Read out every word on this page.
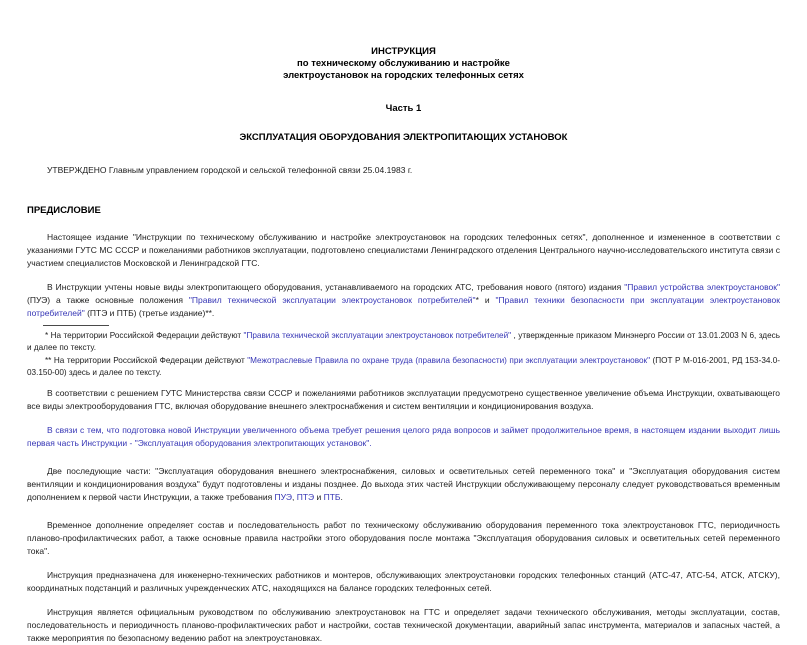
ИНСТРУКЦИЯ
по техническому обслуживанию и настройке
электроустановок на городских телефонных сетях
Часть 1
ЭКСПЛУАТАЦИЯ ОБОРУДОВАНИЯ ЭЛЕКТРОПИТАЮЩИХ УСТАНОВОК
УТВЕРЖДЕНО Главным управлением городской и сельской телефонной связи 25.04.1983 г.
ПРЕДИСЛОВИЕ

Настоящее издание "Инструкции по техническому обслуживанию и настройке электроустановок на городских телефонных сетях", дополненное и измененное в соответствии с указаниями ГУТС МС СССР и пожеланиями работников эксплуатации, подготовлено специалистами Ленинградского отделения Центрального научно-исследовательского института связи с участием специалистов Московской и Ленинградской ГТС.

В Инструкции учтены новые виды электропитающего оборудования, устанавливаемого на городских АТС, требования нового (пятого) издания "Правил устройства электроустановок" (ПУЭ) а также основные положения "Правил технической эксплуатации электроустановок потребителей"* и "Правил техники безопасности при эксплуатации электроустановок потребителей" (ПТЭ и ПТБ) (третье издание)**.

* На территории Российской Федерации действуют "Правила технической эксплуатации электроустановок потребителей" , утвержденные приказом Минэнерго России от 13.01.2003 N 6, здесь и далее по тексту.

** На территории Российской Федерации действуют "Межотраслевые Правила по охране труда (правила безопасности) при эксплуатации электроустановок" (ПОТ Р М-016-2001, РД 153-34.0-03.150-00) здесь и далее по тексту.

В соответствии с решением ГУТС Министерства связи СССР и пожеланиями работников эксплуатации предусмотрено существенное увеличение объема Инструкции, охватывающего все виды электрооборудования ГТС, включая оборудование внешнего электроснабжения и систем вентиляции и кондиционирования воздуха.

В связи с тем, что подготовка новой Инструкции увеличенного объема требует решения целого ряда вопросов и займет продолжительное время, в настоящем издании выходит лишь первая часть Инструкции - "Эксплуатация оборудования электропитающих установок".

Две последующие части: "Эксплуатация оборудования внешнего электроснабжения, силовых и осветительных сетей переменного тока" и "Эксплуатация оборудования систем вентиляции и кондиционирования воздуха" будут подготовлены и изданы позднее. До выхода этих частей Инструкции обслуживающему персоналу следует руководствоваться временным дополнением к первой части Инструкции, а также требования ПУЭ, ПТЭ и ПТБ.

Временное дополнение определяет состав и последовательность работ по техническому обслуживанию оборудования переменного тока электроустановок ГТС, периодичность планово-профилактических работ, а также основные правила настройки этого оборудования после монтажа "Эксплуатация оборудования силовых и осветительных сетей переменного тока".

Инструкция предназначена для инженерно-технических работников и монтеров, обслуживающих электроустановки городских телефонных станций (АТС-47, АТС-54, АТСК, АТСКУ), координатных подстанций и различных учрежденческих АТС, находящихся на балансе городских телефонных сетей.

Инструкция является официальным руководством по обслуживанию электроустановок на ГТС и определяет задачи технического обслуживания, методы эксплуатации, состав, последовательность и периодичность планово-профилактических работ и настройки, состав технической документации, аварийный запас инструмента, материалов и запасных частей, а также мероприятия по безопасному ведению работ на электроустановках.
